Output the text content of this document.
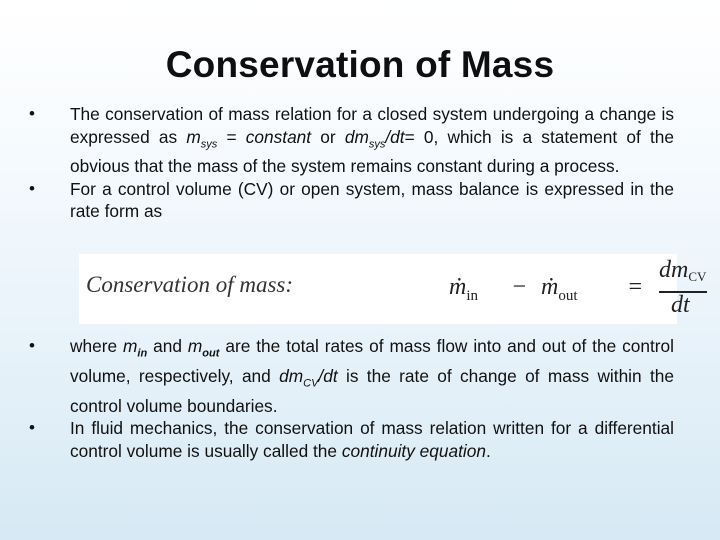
Conservation of Mass
• The conservation of mass relation for a closed system undergoing a change is expressed as $m_{sys}$ = constant or $dm_{sys}/dt= 0$, which is a statement of the obvious that the mass of the system remains constant during a process.
• For a control volume (CV) or open system, mass balance is expressed in the rate form as
Conservation of mass:	ṁ$_{in}$ − ṁ$_{out}$ =
dmCV
dt
• where $m_{in}$ and $m_{out}$ are the total rates of mass flow into and out of the control volume, respectively, and $dm_{CV}/dt$ is the rate of change of mass within the control volume boundaries.
• In fluid mechanics, the conservation of mass relation written for a differential control volume is usually called the continuity equation.
